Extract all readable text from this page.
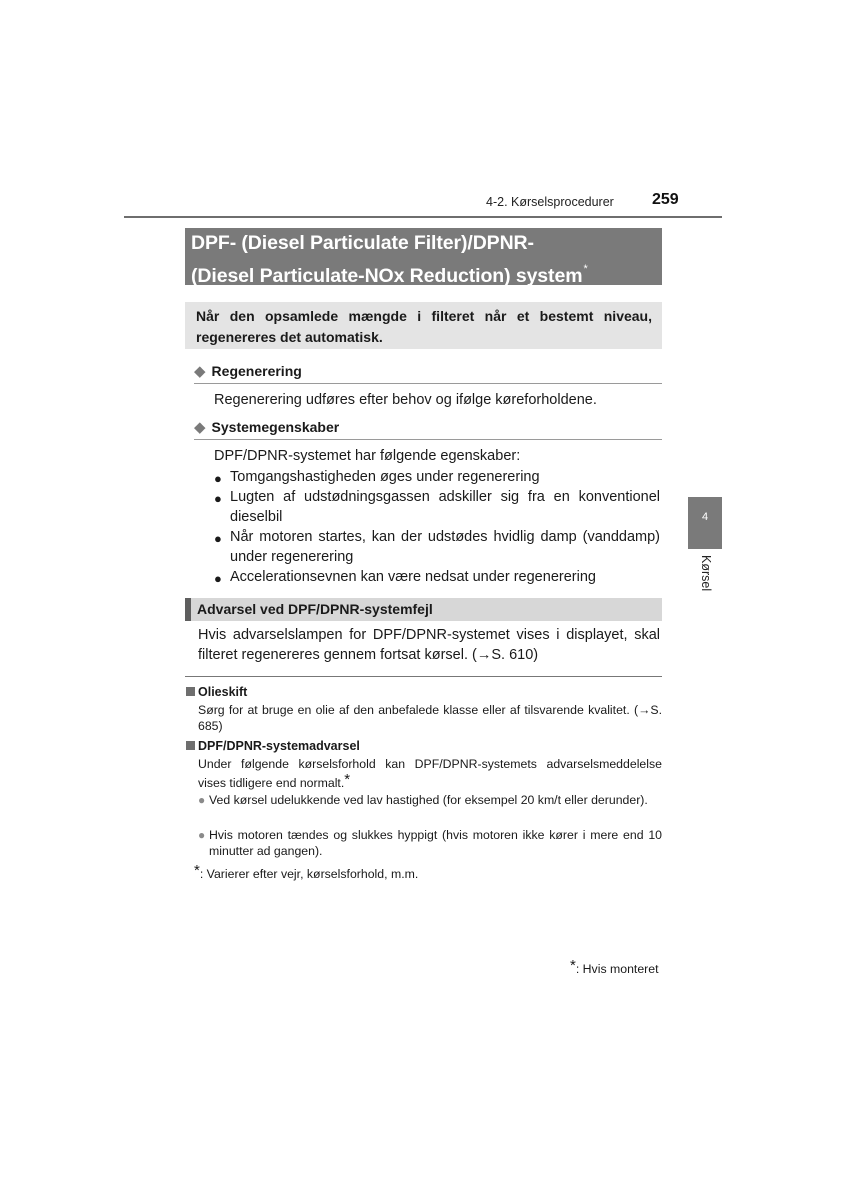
4-2. Kørselsprocedurer 259
DPF- (Diesel Particulate Filter)/DPNR-
(Diesel Particulate-NOx Reduction) system*
Når den opsamlede mængde i filteret når et bestemt niveau, regenereres det automatisk.
◆ Regenerering
Regenerering udføres efter behov og ifølge køreforholdene.
◆ Systemegenskaber
DPF/DPNR-systemet har følgende egenskaber:
● Tomgangshastigheden øges under regenerering
● Lugten af udstødningsgassen adskiller sig fra en konventionel dieselbil
● Når motoren startes, kan der udstødes hvidlig damp (vanddamp) under regenerering
● Accelerationsevnen kan være nedsat under regenerering
Advarsel ved DPF/DPNR-systemfejl
Hvis advarselslampen for DPF/DPNR-systemet vises i displayet, skal filteret regenereres gennem fortsat kørsel. (→S. 610)
Olieskift
Sørg for at bruge en olie af den anbefalede klasse eller af tilsvarende kvalitet. (→S. 685)
DPF/DPNR-systemadvarsel
Under følgende kørselsforhold kan DPF/DPNR-systemets advarselsmeddelelse vises tidligere end normalt.*
● Ved kørsel udelukkende ved lav hastighed (for eksempel 20 km/t eller derunder).
● Hvis motoren tændes og slukkes hyppigt (hvis motoren ikke kører i mere end 10 minutter ad gangen).
*: Varierer efter vejr, kørselsforhold, m.m.
*: Hvis monteret
4
Kørsel
